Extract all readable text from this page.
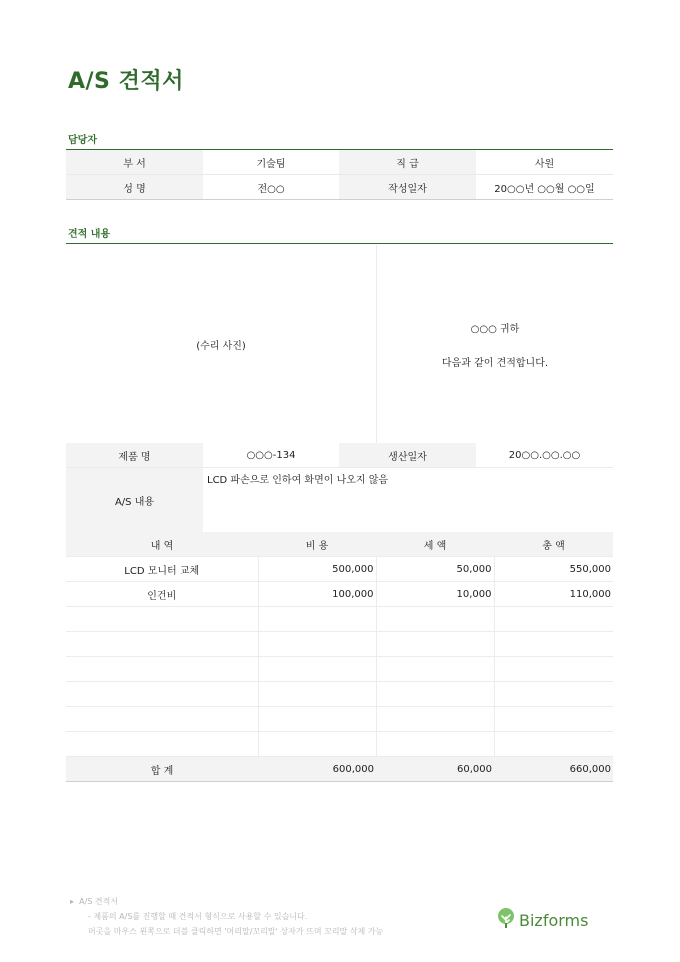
A/S 견적서
담당자
부 서	기술팀	직 급	사원
성 명	전○○	작성일자	20○○년 ○○월 ○○일
견적 내용
(수리 사진)
○○○ 귀하
다음과 같이 견적합니다.
제품 명	○○○-134	생산일자	20○○.○○.○○
A/S 내용	LCD 파손으로 인하여 화면이 나오지 않음		
내 역	비 용	세 액	총 액
LCD 모니터 교체	500,000	50,000	550,000
인건비	100,000	10,000	110,000

합 계	600,000	60,000	660,000
▸ A/S 견적서
- 제품의 A/S를 진행할 때 견적서 형식으로 사용할 수 있습니다.
머곳을 마우스 왼쪽으로 더블 클릭하면 '머리말/꼬리말' 상자가 뜨며 꼬리말 삭제 가능
Bizforms
